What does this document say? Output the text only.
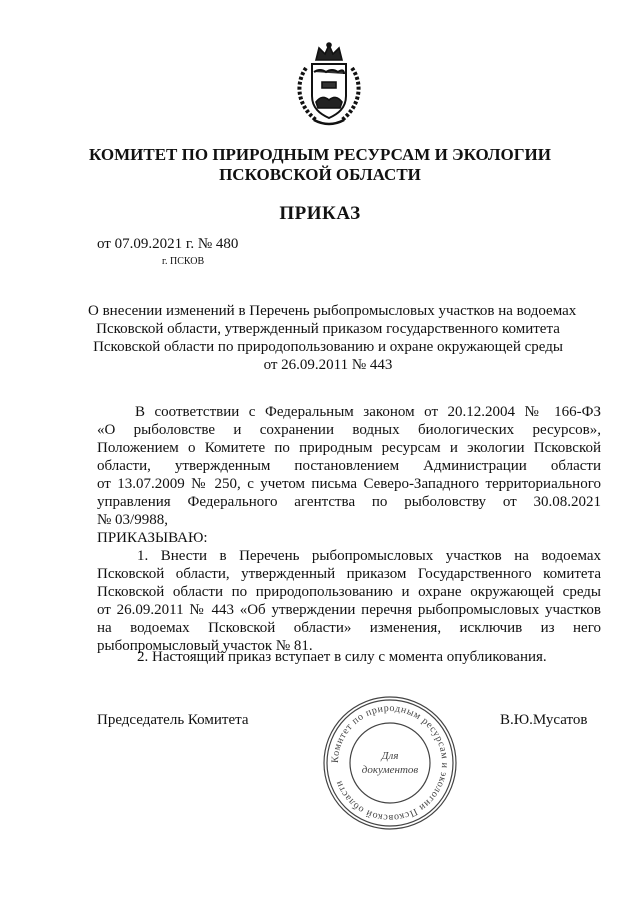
КОМИТЕТ ПО ПРИРОДНЫМ РЕСУРСАМ И ЭКОЛОГИИ
ПСКОВСКОЙ ОБЛАСТИ
ПРИКАЗ
от 07.09.2021 г. № 480
г. ПСКОВ
О внесении изменений в Перечень рыбопромысловых участков на водоемах
Псковской области, утвержденный приказом государственного комитета
Псковской области по природопользованию и охране окружающей среды
от 26.09.2011 № 443
В соответствии с Федеральным законом от 20.12.2004 № 166-ФЗ
«О рыболовстве и сохранении водных биологических ресурсов»,
Положением о Комитете по природным ресурсам и экологии Псковской
области, утвержденным постановлением Администрации области
от 13.07.2009 № 250, с учетом письма Северо-Западного территориального
управления Федерального агентства по рыболовству от 30.08.2021
№ 03/9988,
ПРИКАЗЫВАЮ:
1. Внести в Перечень рыбопромысловых участков на водоемах
Псковской области, утвержденный приказом Государственного комитета
Псковской области по природопользованию и охране окружающей среды
от 26.09.2011 № 443 «Об утверждении перечня рыбопромысловых участков
на водоемах Псковской области» изменения, исключив из него
рыбопромысловый участок № 81.
2. Настоящий приказ вступает в силу с момента опубликования.
Председатель Комитета	В.Ю.Мусатов
Комитет по природным ресурсам и экологии Псковской области
Для
документов
